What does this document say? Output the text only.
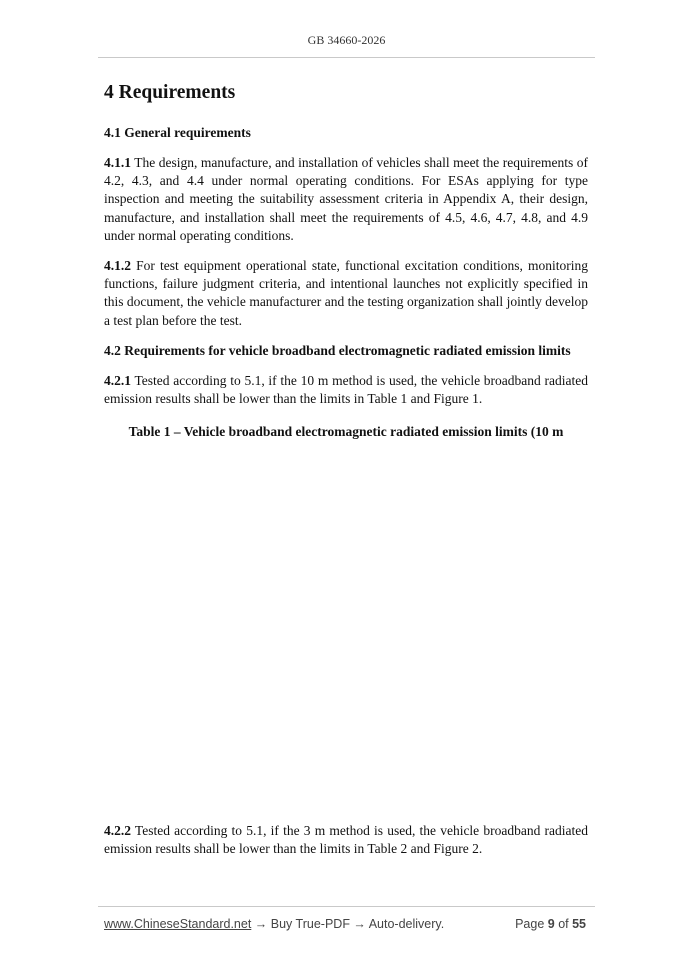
GB 34660-2026
4 Requirements
4.1 General requirements

4.1.1 The design, manufacture, and installation of vehicles shall meet the requirements of 4.2, 4.3, and 4.4 under normal operating conditions. For ESAs applying for type inspection and meeting the suitability assessment criteria in Appendix A, their design, manufacture, and installation shall meet the requirements of 4.5, 4.6, 4.7, 4.8, and 4.9 under normal operating conditions.

4.1.2 For test equipment operational state, functional excitation conditions, monitoring functions, failure judgment criteria, and intentional launches not explicitly specified in this document, the vehicle manufacturer and the testing organization shall jointly develop a test plan before the test.

4.2 Requirements for vehicle broadband electromagnetic radiated emission limits

4.2.1 Tested according to 5.1, if the 10 m method is used, the vehicle broadband radiated emission results shall be lower than the limits in Table 1 and Figure 1.

Table 1 – Vehicle broadband electromagnetic radiated emission limits (10 m

4.2.2 Tested according to 5.1, if the 3 m method is used, the vehicle broadband radiated emission results shall be lower than the limits in Table 2 and Figure 2.

www.ChineseStandard.net → Buy True-PDF → Auto-delivery.	Page 9 of 55
